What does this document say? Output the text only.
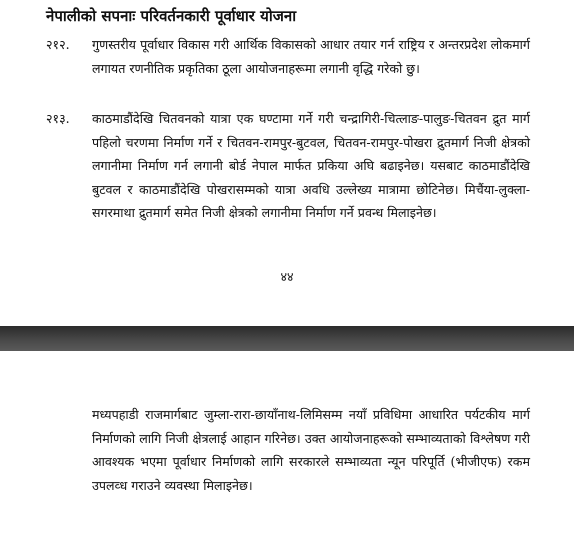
नेपालीको सपनाः परिवर्तनकारी पूर्वाधार योजना
२१२. गुणस्तरीय पूर्वाधार विकास गरी आर्थिक विकासको आधार तयार गर्न राष्ट्रिय र अन्तरप्रदेश लोकमार्ग लगायत रणनीतिक प्रकृतिका ठूला आयोजनाहरूमा लगानी वृद्धि गरेको छु।
२१३. काठमाडौंदेखि चितवनको यात्रा एक घण्टामा गर्ने गरी चन्द्रागिरी-चित्लाङ-पालुङ-चितवन द्रुत मार्ग पहिलो चरणमा निर्माण गर्ने र चितवन-रामपुर-बुटवल, चितवन-रामपुर-पोखरा द्रुतमार्ग निजी क्षेत्रको लगानीमा निर्माण गर्न लगानी बोर्ड नेपाल मार्फत प्रकिया अघि बढाइनेछ। यसबाट काठमाडौंदेखि बुटवल र काठमाडौंदेखि पोखरासम्मको यात्रा अवधि उल्लेख्य मात्रामा छोटिनेछ। मिचैंया-लुक्ला-सगरमाथा द्रुतमार्ग समेत निजी क्षेत्रको लगानीमा निर्माण गर्ने प्रवन्ध मिलाइनेछ।
४४
मध्यपहाडी राजमार्गबाट जुम्ला-रारा-छायाँनाथ-लिमिसम्म नयाँ प्रविधिमा आधारित पर्यटकीय मार्ग निर्माणको लागि निजी क्षेत्रलाई आहान गरिनेछ। उक्त आयोजनाहरूको सम्भाव्यताको विश्लेषण गरी आवश्यक भएमा पूर्वाधार निर्माणको लागि सरकारले सम्भाव्यता न्यून परिपूर्ति (भीजीएफ) रकम उपलव्ध गराउने व्यवस्था मिलाइनेछ।
